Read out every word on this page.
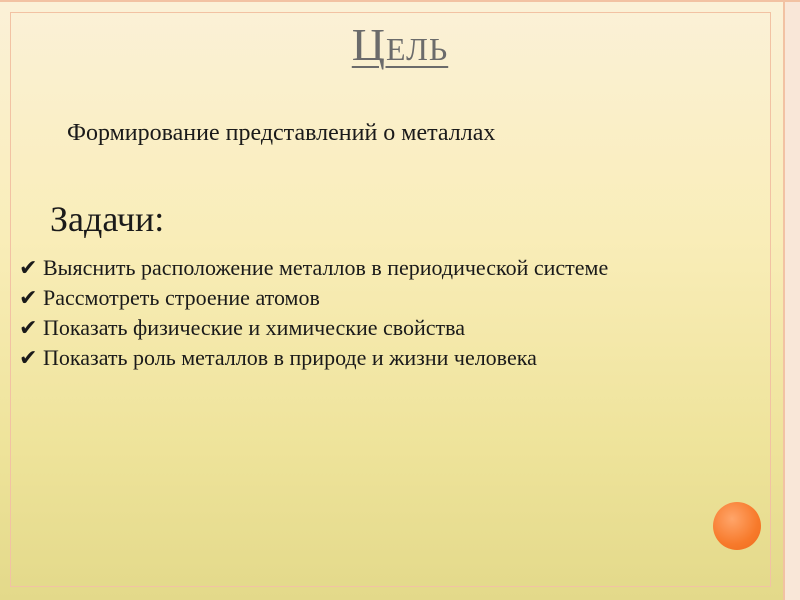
Цель
Формирование представлений о металлах
Задачи:
✔ Выяснить расположение металлов в периодической системе
✔ Рассмотреть строение атомов
✔ Показать физические и химические свойства
✔ Показать роль металлов в природе и жизни человека
